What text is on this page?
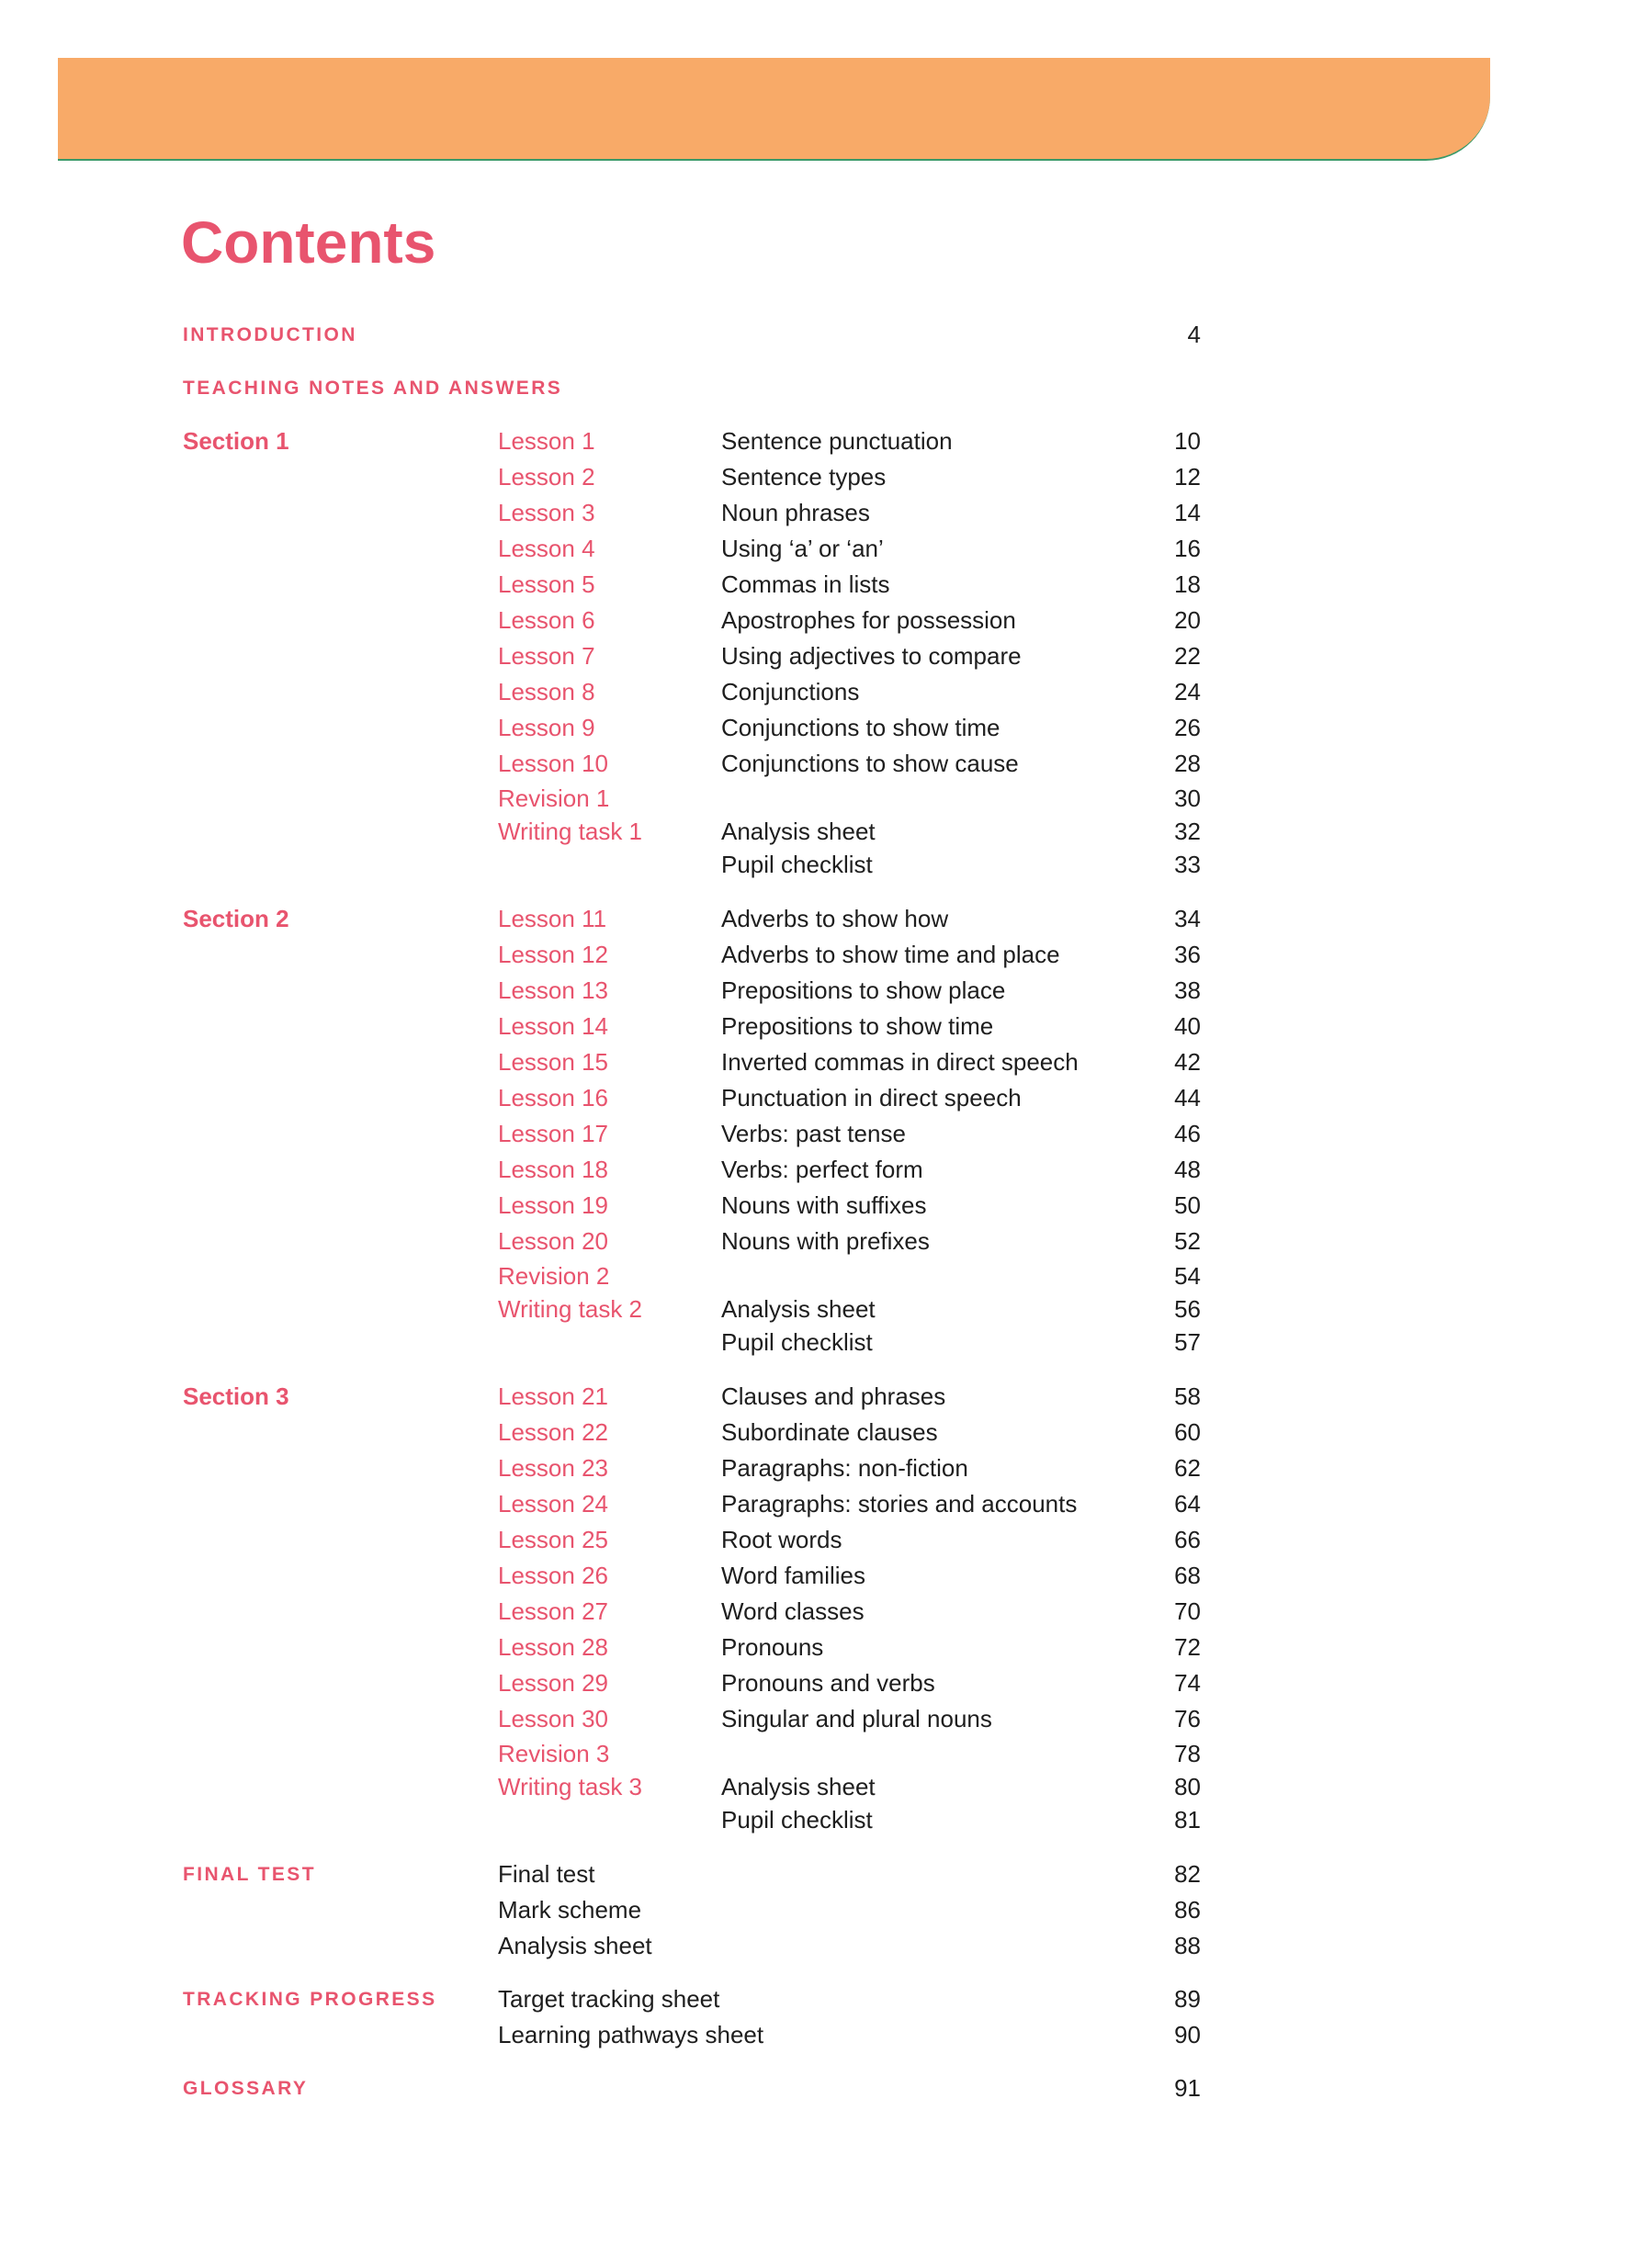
Contents
INTRODUCTION	4
TEACHING NOTES AND ANSWERS
Section 1	Lesson 1	Sentence punctuation	10
Lesson 2	Sentence types	12
Lesson 3	Noun phrases	14
Lesson 4	Using ‘a’ or ‘an’	16
Lesson 5	Commas in lists	18
Lesson 6	Apostrophes for possession	20
Lesson 7	Using adjectives to compare	22
Lesson 8	Conjunctions	24
Lesson 9	Conjunctions to show time	26
Lesson 10	Conjunctions to show cause	28
Revision 1	30
Writing task 1	Analysis sheet	32
Pupil checklist	33
Section 2	Lesson 11	Adverbs to show how	34
Lesson 12	Adverbs to show time and place	36
Lesson 13	Prepositions to show place	38
Lesson 14	Prepositions to show time	40
Lesson 15	Inverted commas in direct speech	42
Lesson 16	Punctuation in direct speech	44
Lesson 17	Verbs: past tense	46
Lesson 18	Verbs: perfect form	48
Lesson 19	Nouns with suffixes	50
Lesson 20	Nouns with prefixes	52
Revision 2	54
Writing task 2	Analysis sheet	56
Pupil checklist	57
Section 3	Lesson 21	Clauses and phrases	58
Lesson 22	Subordinate clauses	60
Lesson 23	Paragraphs: non-fiction	62
Lesson 24	Paragraphs: stories and accounts	64
Lesson 25	Root words	66
Lesson 26	Word families	68
Lesson 27	Word classes	70
Lesson 28	Pronouns	72
Lesson 29	Pronouns and verbs	74
Lesson 30	Singular and plural nouns	76
Revision 3	78
Writing task 3	Analysis sheet	80
Pupil checklist	81
FINAL TEST	Final test	82
Mark scheme	86
Analysis sheet	88
TRACKING PROGRESS	Target tracking sheet	89
Learning pathways sheet	90
GLOSSARY	91
